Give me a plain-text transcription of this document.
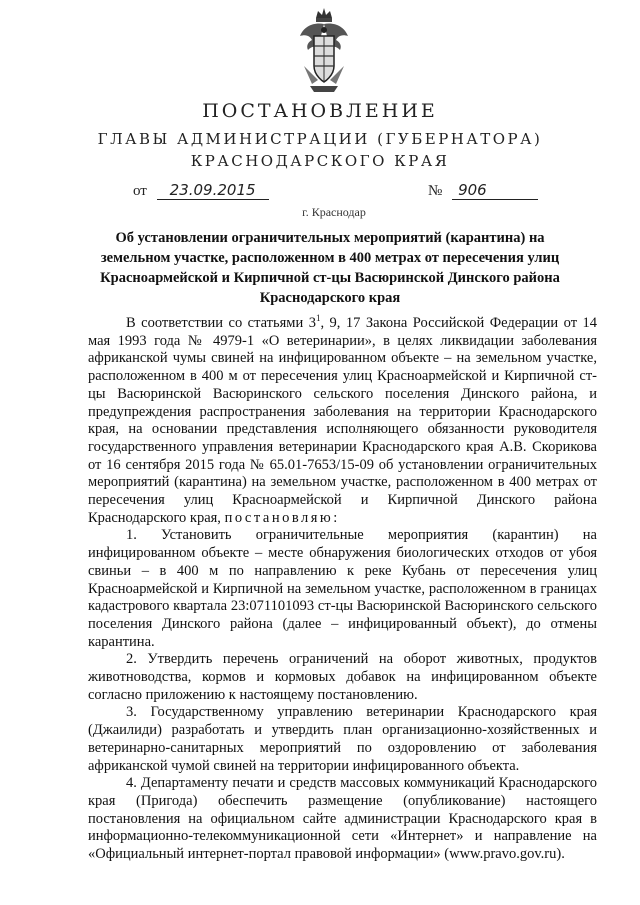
ПОСТАНОВЛЕНИЕ
ГЛАВЫ АДМИНИСТРАЦИИ (ГУБЕРНАТОРА)
КРАСНОДАРСКОГО КРАЯ
от 23.09.2015	№ 906
г. Краснодар
Об установлении ограничительных мероприятий (карантина) на земельном участке, расположенном в 400 метрах от пересечения улиц Красноармейской и Кирпичной ст-цы Васюринской Динского района Краснодарского края

В соответствии со статьями $3^1$, 9, 17 Закона Российской Федерации от 14 мая 1993 года № 4979-1 «О ветеринарии», в целях ликвидации заболевания африканской чумы свиней на инфицированном объекте – на земельном участке, расположенном в 400 м от пересечения улиц Красноармейской и Кирпичной ст-цы Васюринской Васюринского сельского поселения Динского района, и предупреждения распространения заболевания на территории Краснодарского края, на основании представления исполняющего обязанности руководителя государственного управления ветеринарии Краснодарского края А.В. Скорикова от 16 сентября 2015 года № 65.01-7653/15-09 об установлении ограничительных мероприятий (карантина) на земельном участке, расположенном в 400 метрах от пересечения улиц Красноармейской и Кирпичной Динского района Краснодарского края, постановляю:

1. Установить ограничительные мероприятия (карантин) на инфицированном объекте – месте обнаружения биологических отходов от убоя свиньи – в 400 м по направлению к реке Кубань от пересечения улиц Красноармейской и Кирпичной на земельном участке, расположенном в границах кадастрового квартала 23:071101093 ст-цы Васюринской Васюринского сельского поселения Динского района (далее – инфицированный объект), до отмены карантина.

2. Утвердить перечень ограничений на оборот животных, продуктов животноводства, кормов и кормовых добавок на инфицированном объекте согласно приложению к настоящему постановлению.

3. Государственному управлению ветеринарии Краснодарского края (Джаилиди) разработать и утвердить план организационно-хозяйственных и ветеринарно-санитарных мероприятий по оздоровлению от заболевания африканской чумой свиней на территории инфицированного объекта.

4. Департаменту печати и средств массовых коммуникаций Краснодарского края (Пригода) обеспечить размещение (опубликование) настоящего постановления на официальном сайте администрации Краснодарского края в информационно-телекоммуникационной сети «Интернет» и направление на «Официальный интернет-портал правовой информации» (www.pravo.gov.ru).
